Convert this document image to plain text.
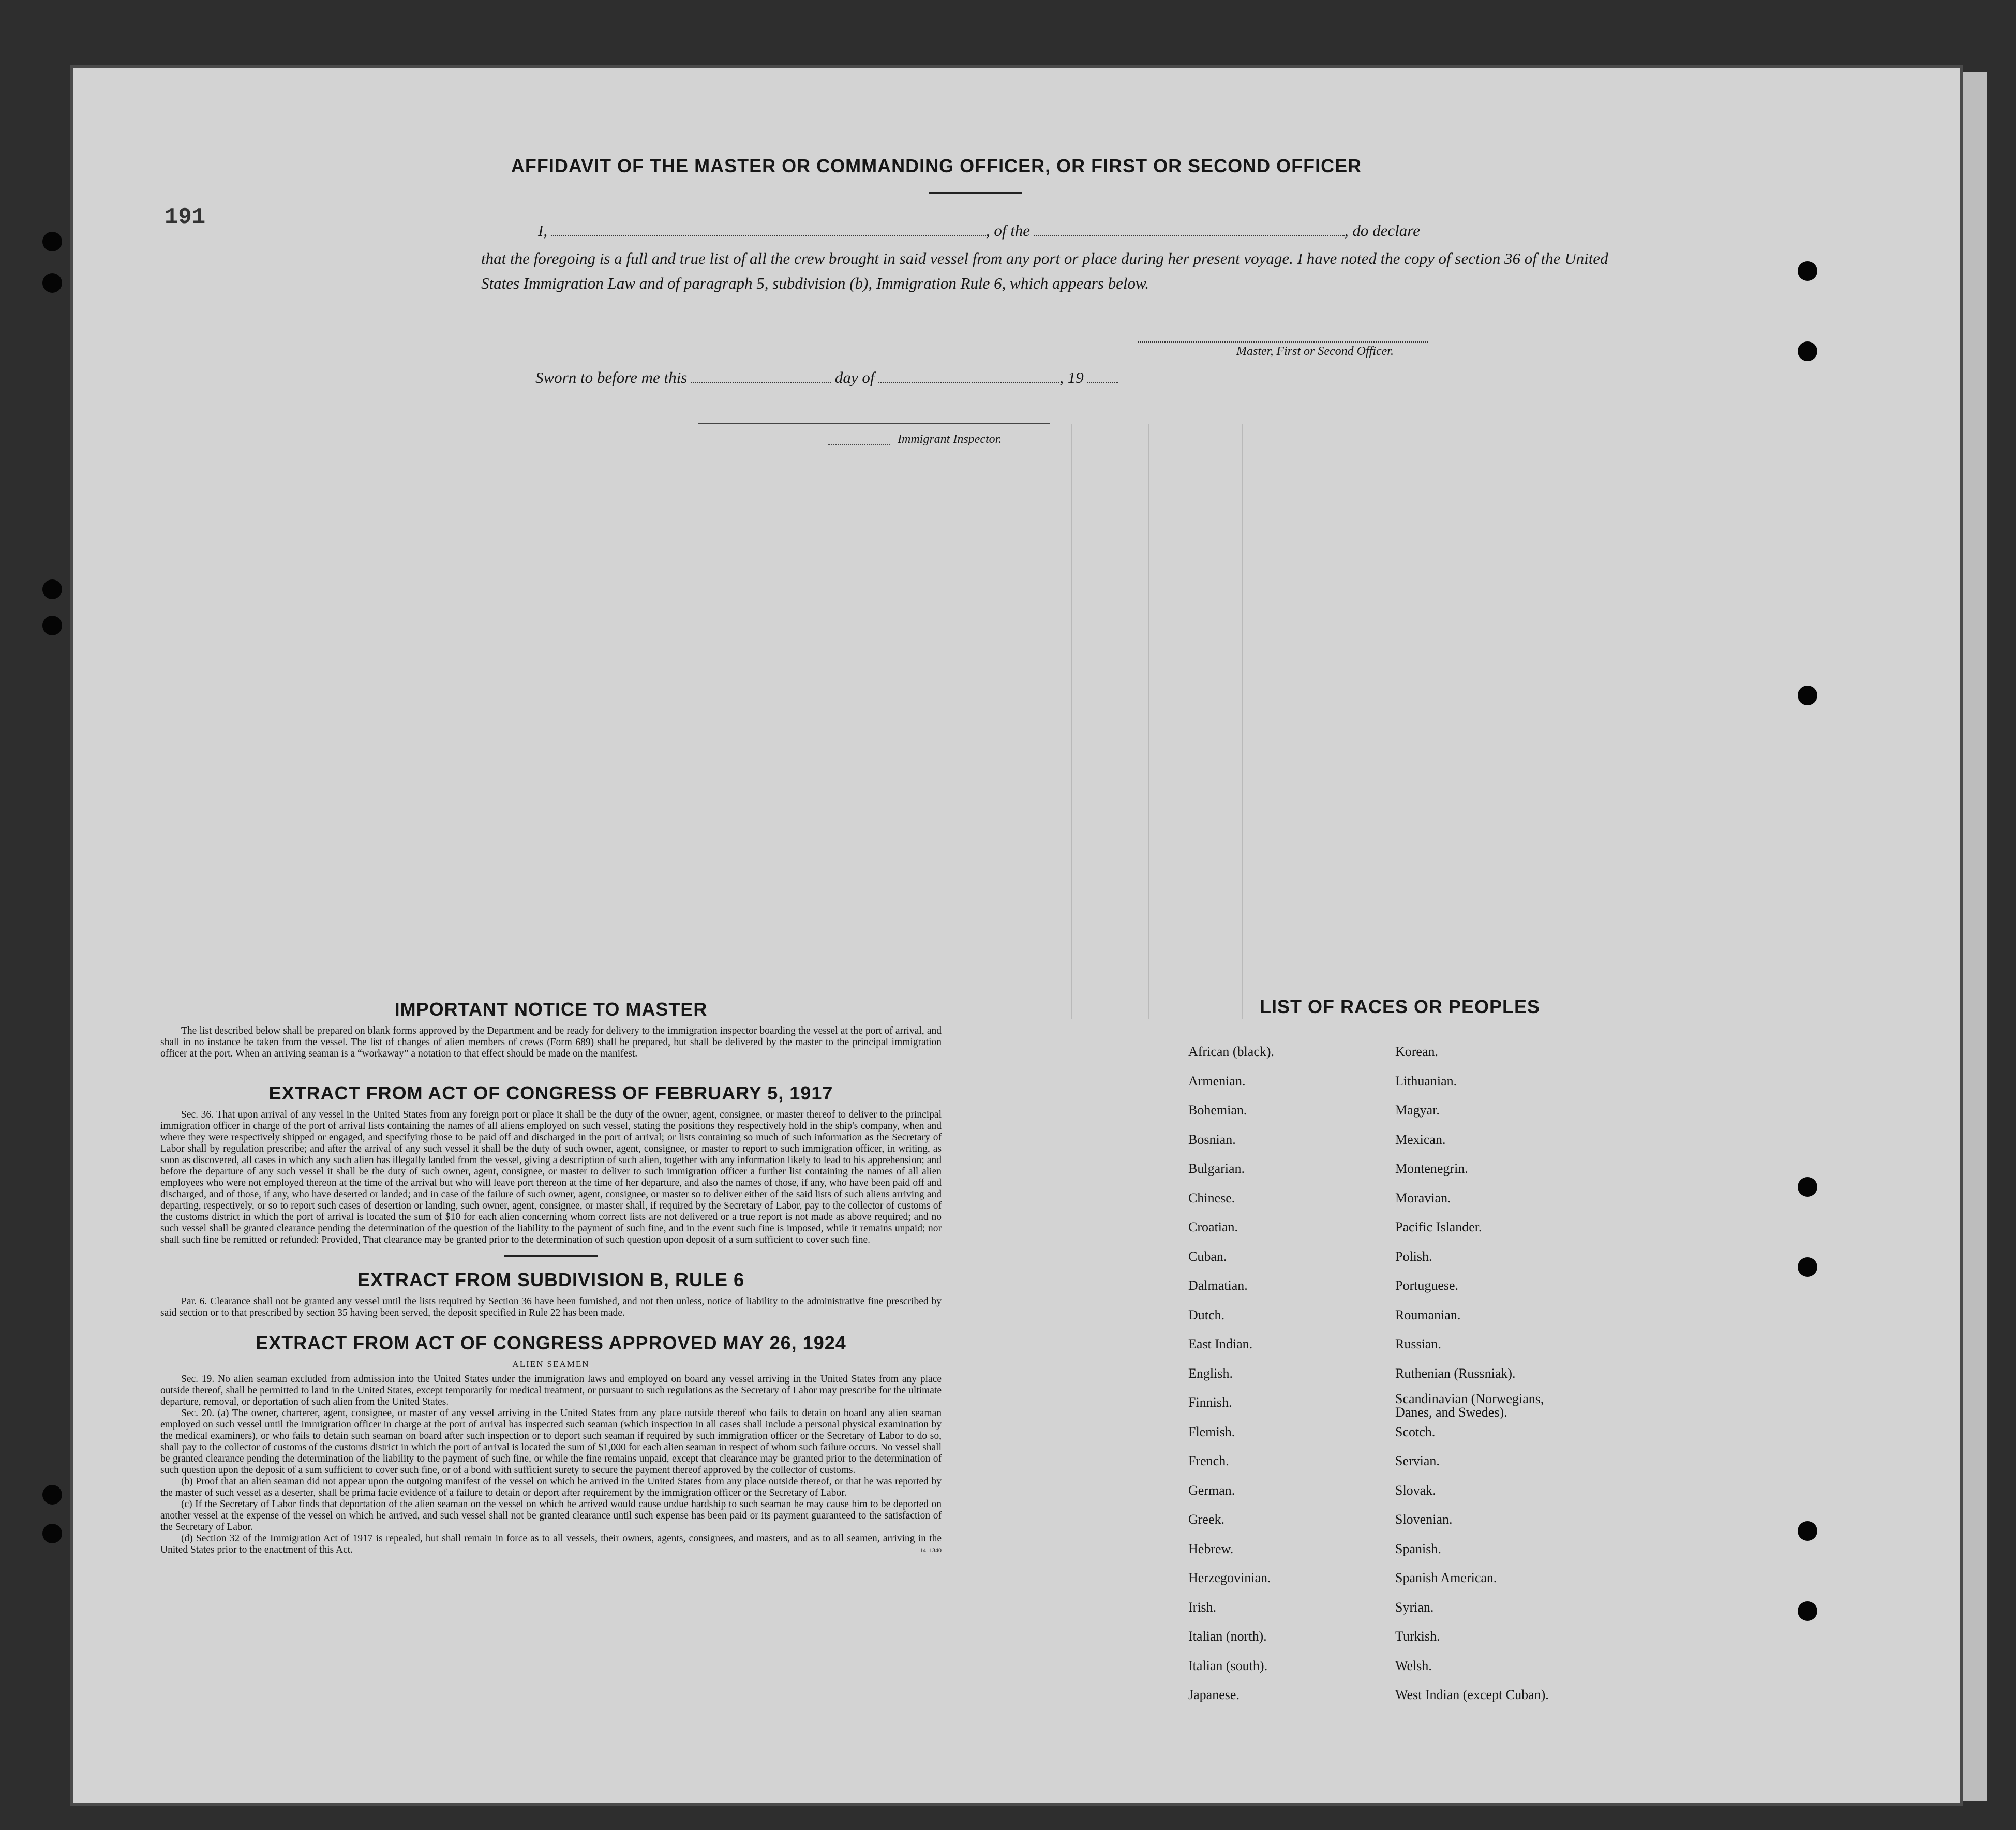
191
AFFIDAVIT OF THE MASTER OR COMMANDING OFFICER, OR FIRST OR SECOND OFFICER
I,	, of the	, do declare
that the foregoing is a full and true list of all the crew brought in said vessel from any port or place during her present voyage. I have noted the copy of section 36 of the United States Immigration Law and of paragraph 5, subdivision (b), Immigration Rule 6, which appears below.
Master, First or Second Officer.
Sworn to before me this	day of	, 19
Immigrant Inspector.
IMPORTANT NOTICE TO MASTER
The list described below shall be prepared on blank forms approved by the Department and be ready for delivery to the immigration inspector boarding the vessel at the port of arrival, and shall in no instance be taken from the vessel. The list of changes of alien members of crews (Form 689) shall be prepared, but shall be delivered by the master to the principal immigration officer at the port. When an arriving seaman is a “workaway” a notation to that effect should be made on the manifest.
EXTRACT FROM ACT OF CONGRESS OF FEBRUARY 5, 1917
Sec. 36. That upon arrival of any vessel in the United States from any foreign port or place it shall be the duty of the owner, agent, consignee, or master thereof to deliver to the principal immigration officer in charge of the port of arrival lists containing the names of all aliens employed on such vessel, stating the positions they respectively hold in the ship's company, when and where they were respectively shipped or engaged, and specifying those to be paid off and discharged in the port of arrival; or lists containing so much of such information as the Secretary of Labor shall by regulation prescribe; and after the arrival of any such vessel it shall be the duty of such owner, agent, consignee, or master to report to such immigration officer, in writing, as soon as discovered, all cases in which any such alien has illegally landed from the vessel, giving a description of such alien, together with any information likely to lead to his apprehension; and before the departure of any such vessel it shall be the duty of such owner, agent, consignee, or master to deliver to such immigration officer a further list containing the names of all alien employees who were not employed thereon at the time of the arrival but who will leave port thereon at the time of her departure, and also the names of those, if any, who have been paid off and discharged, and of those, if any, who have deserted or landed; and in case of the failure of such owner, agent, consignee, or master so to deliver either of the said lists of such aliens arriving and departing, respectively, or so to report such cases of desertion or landing, such owner, agent, consignee, or master shall, if required by the Secretary of Labor, pay to the collector of customs of the customs district in which the port of arrival is located the sum of $10 for each alien concerning whom correct lists are not delivered or a true report is not made as above required; and no such vessel shall be granted clearance pending the determination of the question of the liability to the payment of such fine, and in the event such fine is imposed, while it remains unpaid; nor shall such fine be remitted or refunded: Provided, That clearance may be granted prior to the determination of such question upon deposit of a sum sufficient to cover such fine.
EXTRACT FROM SUBDIVISION B, RULE 6
Par. 6. Clearance shall not be granted any vessel until the lists required by Section 36 have been furnished, and not then unless, notice of liability to the administrative fine prescribed by said section or to that prescribed by section 35 having been served, the deposit specified in Rule 22 has been made.
EXTRACT FROM ACT OF CONGRESS APPROVED MAY 26, 1924
ALIEN SEAMEN
Sec. 19. No alien seaman excluded from admission into the United States under the immigration laws and employed on board any vessel arriving in the United States from any place outside thereof, shall be permitted to land in the United States, except temporarily for medical treatment, or pursuant to such regulations as the Secretary of Labor may prescribe for the ultimate departure, removal, or deportation of such alien from the United States.
Sec. 20. (a) The owner, charterer, agent, consignee, or master of any vessel arriving in the United States from any place outside thereof who fails to detain on board any alien seaman employed on such vessel until the immigration officer in charge at the port of arrival has inspected such seaman (which inspection in all cases shall include a personal physical examination by the medical examiners), or who fails to detain such seaman on board after such inspection or to deport such seaman if required by such immigration officer or the Secretary of Labor to do so, shall pay to the collector of customs of the customs district in which the port of arrival is located the sum of $1,000 for each alien seaman in respect of whom such failure occurs. No vessel shall be granted clearance pending the determination of the liability to the payment of such fine, or while the fine remains unpaid, except that clearance may be granted prior to the determination of such question upon the deposit of a sum sufficient to cover such fine, or of a bond with sufficient surety to secure the payment thereof approved by the collector of customs.
(b) Proof that an alien seaman did not appear upon the outgoing manifest of the vessel on which he arrived in the United States from any place outside thereof, or that he was reported by the master of such vessel as a deserter, shall be prima facie evidence of a failure to detain or deport after requirement by the immigration officer or the Secretary of Labor.
(c) If the Secretary of Labor finds that deportation of the alien seaman on the vessel on which he arrived would cause undue hardship to such seaman he may cause him to be deported on another vessel at the expense of the vessel on which he arrived, and such vessel shall not be granted clearance until such expense has been paid or its payment guaranteed to the satisfaction of the Secretary of Labor.
(d) Section 32 of the Immigration Act of 1917 is repealed, but shall remain in force as to all vessels, their owners, agents, consignees, and masters, and as to all seamen, arriving in the United States prior to the enactment of this Act.	14–1340
LIST OF RACES OR PEOPLES
African (black).
Armenian.
Bohemian.
Bosnian.
Bulgarian.
Chinese.
Croatian.
Cuban.
Dalmatian.
Dutch.
East Indian.
English.
Finnish.
Flemish.
French.
German.
Greek.
Hebrew.
Herzegovinian.
Irish.
Italian (north).
Italian (south).
Japanese.
Korean.
Lithuanian.
Magyar.
Mexican.
Montenegrin.
Moravian.
Pacific Islander.
Polish.
Portuguese.
Roumanian.
Russian.
Ruthenian (Russniak).
Scandinavian (Norwegians, Danes, and Swedes).
Scotch.
Servian.
Slovak.
Slovenian.
Spanish.
Spanish American.
Syrian.
Turkish.
Welsh.
West Indian (except Cuban).
